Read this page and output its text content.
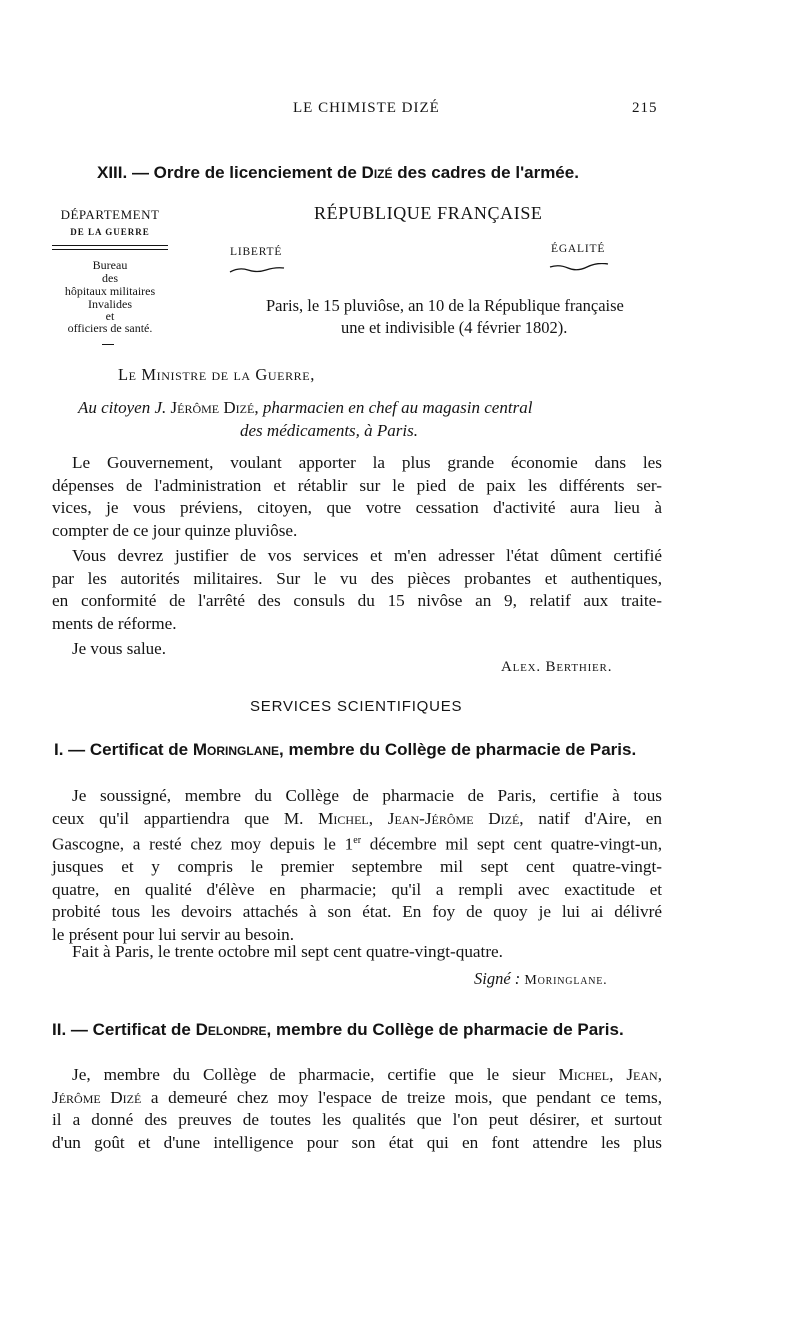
LE CHIMISTE DIZÉ	215
XIII. — Ordre de licenciement de Dizé des cadres de l'armée.
DÉPARTEMENT
DE LA GUERRE
Bureau
des
hôpitaux militaires
Invalides
et
officiers de santé.
RÉPUBLIQUE FRANÇAISE
LIBERTÉ	ÉGALITÉ
Paris, le 15 pluviôse, an 10 de la République française
une et indivisible (4 février 1802).
Le Ministre de la Guerre,
Au citoyen J. Jérôme Dizé, pharmacien en chef au magasin central
des médicaments, à Paris.
Le Gouvernement, voulant apporter la plus grande économie dans les
dépenses de l'administration et rétablir sur le pied de paix les différents ser-
vices, je vous préviens, citoyen, que votre cessation d'activité aura lieu à
compter de ce jour quinze pluviôse.
Vous devrez justifier de vos services et m'en adresser l'état dûment certifié
par les autorités militaires. Sur le vu des pièces probantes et authentiques,
en conformité de l'arrêté des consuls du 15 nivôse an 9, relatif aux traite-
ments de réforme.
Je vous salue.
Alex. Berthier.
SERVICES SCIENTIFIQUES
I. — Certificat de Moringlane, membre du Collège de pharmacie de Paris.
Je soussigné, membre du Collège de pharmacie de Paris, certifie à tous
ceux qu'il appartiendra que M. Michel, Jean-Jérôme Dizé, natif d'Aire, en
Gascogne, a resté chez moy depuis le 1er décembre mil sept cent quatre-vingt-un,
jusques et y compris le premier septembre mil sept cent quatre-vingt-
quatre, en qualité d'élève en pharmacie; qu'il a rempli avec exactitude et
probité tous les devoirs attachés à son état. En foy de quoy je lui ai délivré
le présent pour lui servir au besoin.
Fait à Paris, le trente octobre mil sept cent quatre-vingt-quatre.
Signé : Moringlane.
II. — Certificat de Delondre, membre du Collège de pharmacie de Paris.
Je, membre du Collège de pharmacie, certifie que le sieur Michel, Jean,
Jérôme Dizé a demeuré chez moy l'espace de treize mois, que pendant ce tems,
il a donné des preuves de toutes les qualités que l'on peut désirer, et surtout
d'un goût et d'une intelligence pour son état qui en font attendre les plus
